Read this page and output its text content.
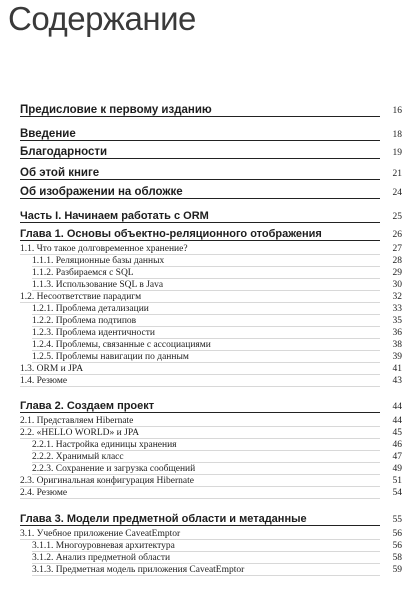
Содержание
Предисловие к первому изданию	16
Введение	18
Благодарности	19
Об этой книге	21
Об изображении на обложке	24
Часть I. Начинаем работать с ORM	25
Глава 1. Основы объектно-реляционного отображения	26
1.1. Что такое долговременное хранение?	27
1.1.1. Реляционные базы данных	28
1.1.2. Разбираемся с SQL	29
1.1.3. Использование SQL в Java	30
1.2. Несоответствие парадигм	32
1.2.1. Проблема детализации	33
1.2.2. Проблема подтипов	35
1.2.3. Проблема идентичности	36
1.2.4. Проблемы, связанные с ассоциациями	38
1.2.5. Проблемы навигации по данным	39
1.3. ORM и JPA	41
1.4. Резюме	43
Глава 2. Создаем проект	44
2.1. Представляем Hibernate	44
2.2. «HELLO WORLD» и JPA	45
2.2.1. Настройка единицы хранения	46
2.2.2. Хранимый класс	47
2.2.3. Сохранение и загрузка сообщений	49
2.3. Оригинальная конфигурация Hibernate	51
2.4. Резюме	54
Глава 3. Модели предметной области и метаданные	55
3.1. Учебное приложение CaveatEmptor	56
3.1.1. Многоуровневая архитектура	56
3.1.2. Анализ предметной области	58
3.1.3. Предметная модель приложения CaveatEmptor	59
